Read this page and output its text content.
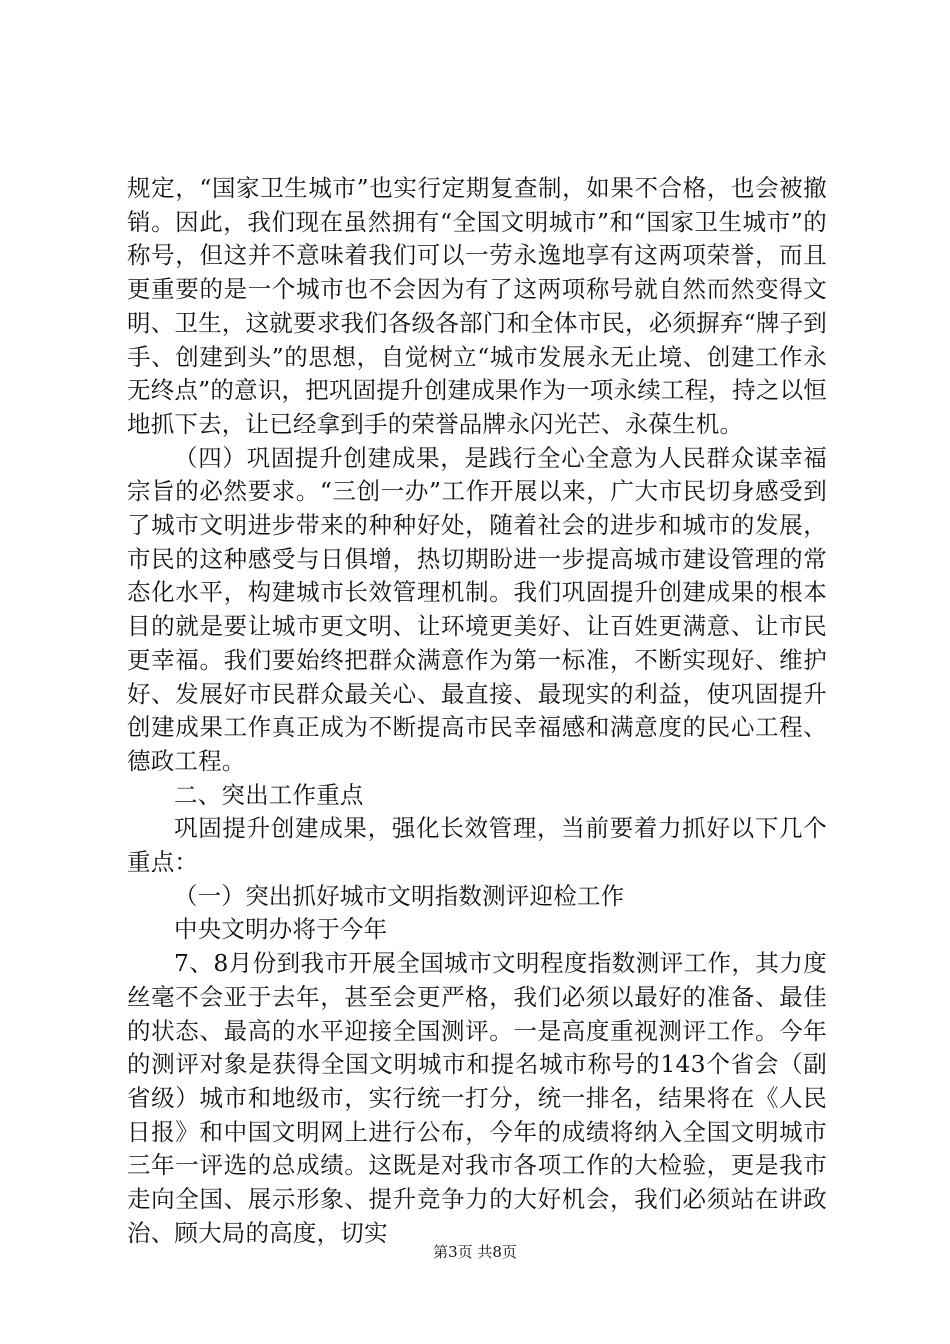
规定，“国家卫生城市”也实行定期复查制，如果不合格，也会被撤销。因此，我们现在虽然拥有“全国文明城市”和“国家卫生城市”的称号，但这并不意味着我们可以一劳永逸地享有这两项荣誉，而且更重要的是一个城市也不会因为有了这两项称号就自然而然变得文明、卫生，这就要求我们各级各部门和全体市民，必须摒弃“牌子到手、创建到头”的思想，自觉树立“城市发展永无止境、创建工作永无终点”的意识，把巩固提升创建成果作为一项永续工程，持之以恒地抓下去，让已经拿到手的荣誉品牌永闪光芒、永葆生机。

（四）巩固提升创建成果，是践行全心全意为人民群众谋幸福宗旨的必然要求。“三创一办”工作开展以来，广大市民切身感受到了城市文明进步带来的种种好处，随着社会的进步和城市的发展，市民的这种感受与日俱增，热切期盼进一步提高城市建设管理的常态化水平，构建城市长效管理机制。我们巩固提升创建成果的根本目的就是要让城市更文明、让环境更美好、让百姓更满意、让市民更幸福。我们要始终把群众满意作为第一标准，不断实现好、维护好、发展好市民群众最关心、最直接、最现实的利益，使巩固提升创建成果工作真正成为不断提高市民幸福感和满意度的民心工程、德政工程。

二、突出工作重点

巩固提升创建成果，强化长效管理，当前要着力抓好以下几个重点：

（一）突出抓好城市文明指数测评迎检工作

中央文明办将于今年

7、8月份到我市开展全国城市文明程度指数测评工作，其力度丝毫不会亚于去年，甚至会更严格，我们必须以最好的准备、最佳的状态、最高的水平迎接全国测评。一是高度重视测评工作。今年的测评对象是获得全国文明城市和提名城市称号的143个省会（副省级）城市和地级市，实行统一打分，统一排名，结果将在《人民日报》和中国文明网上进行公布，今年的成绩将纳入全国文明城市三年一评选的总成绩。这既是对我市各项工作的大检验，更是我市走向全国、展示形象、提升竞争力的大好机会，我们必须站在讲政治、顾大局的高度，切实

第3页 共8页
